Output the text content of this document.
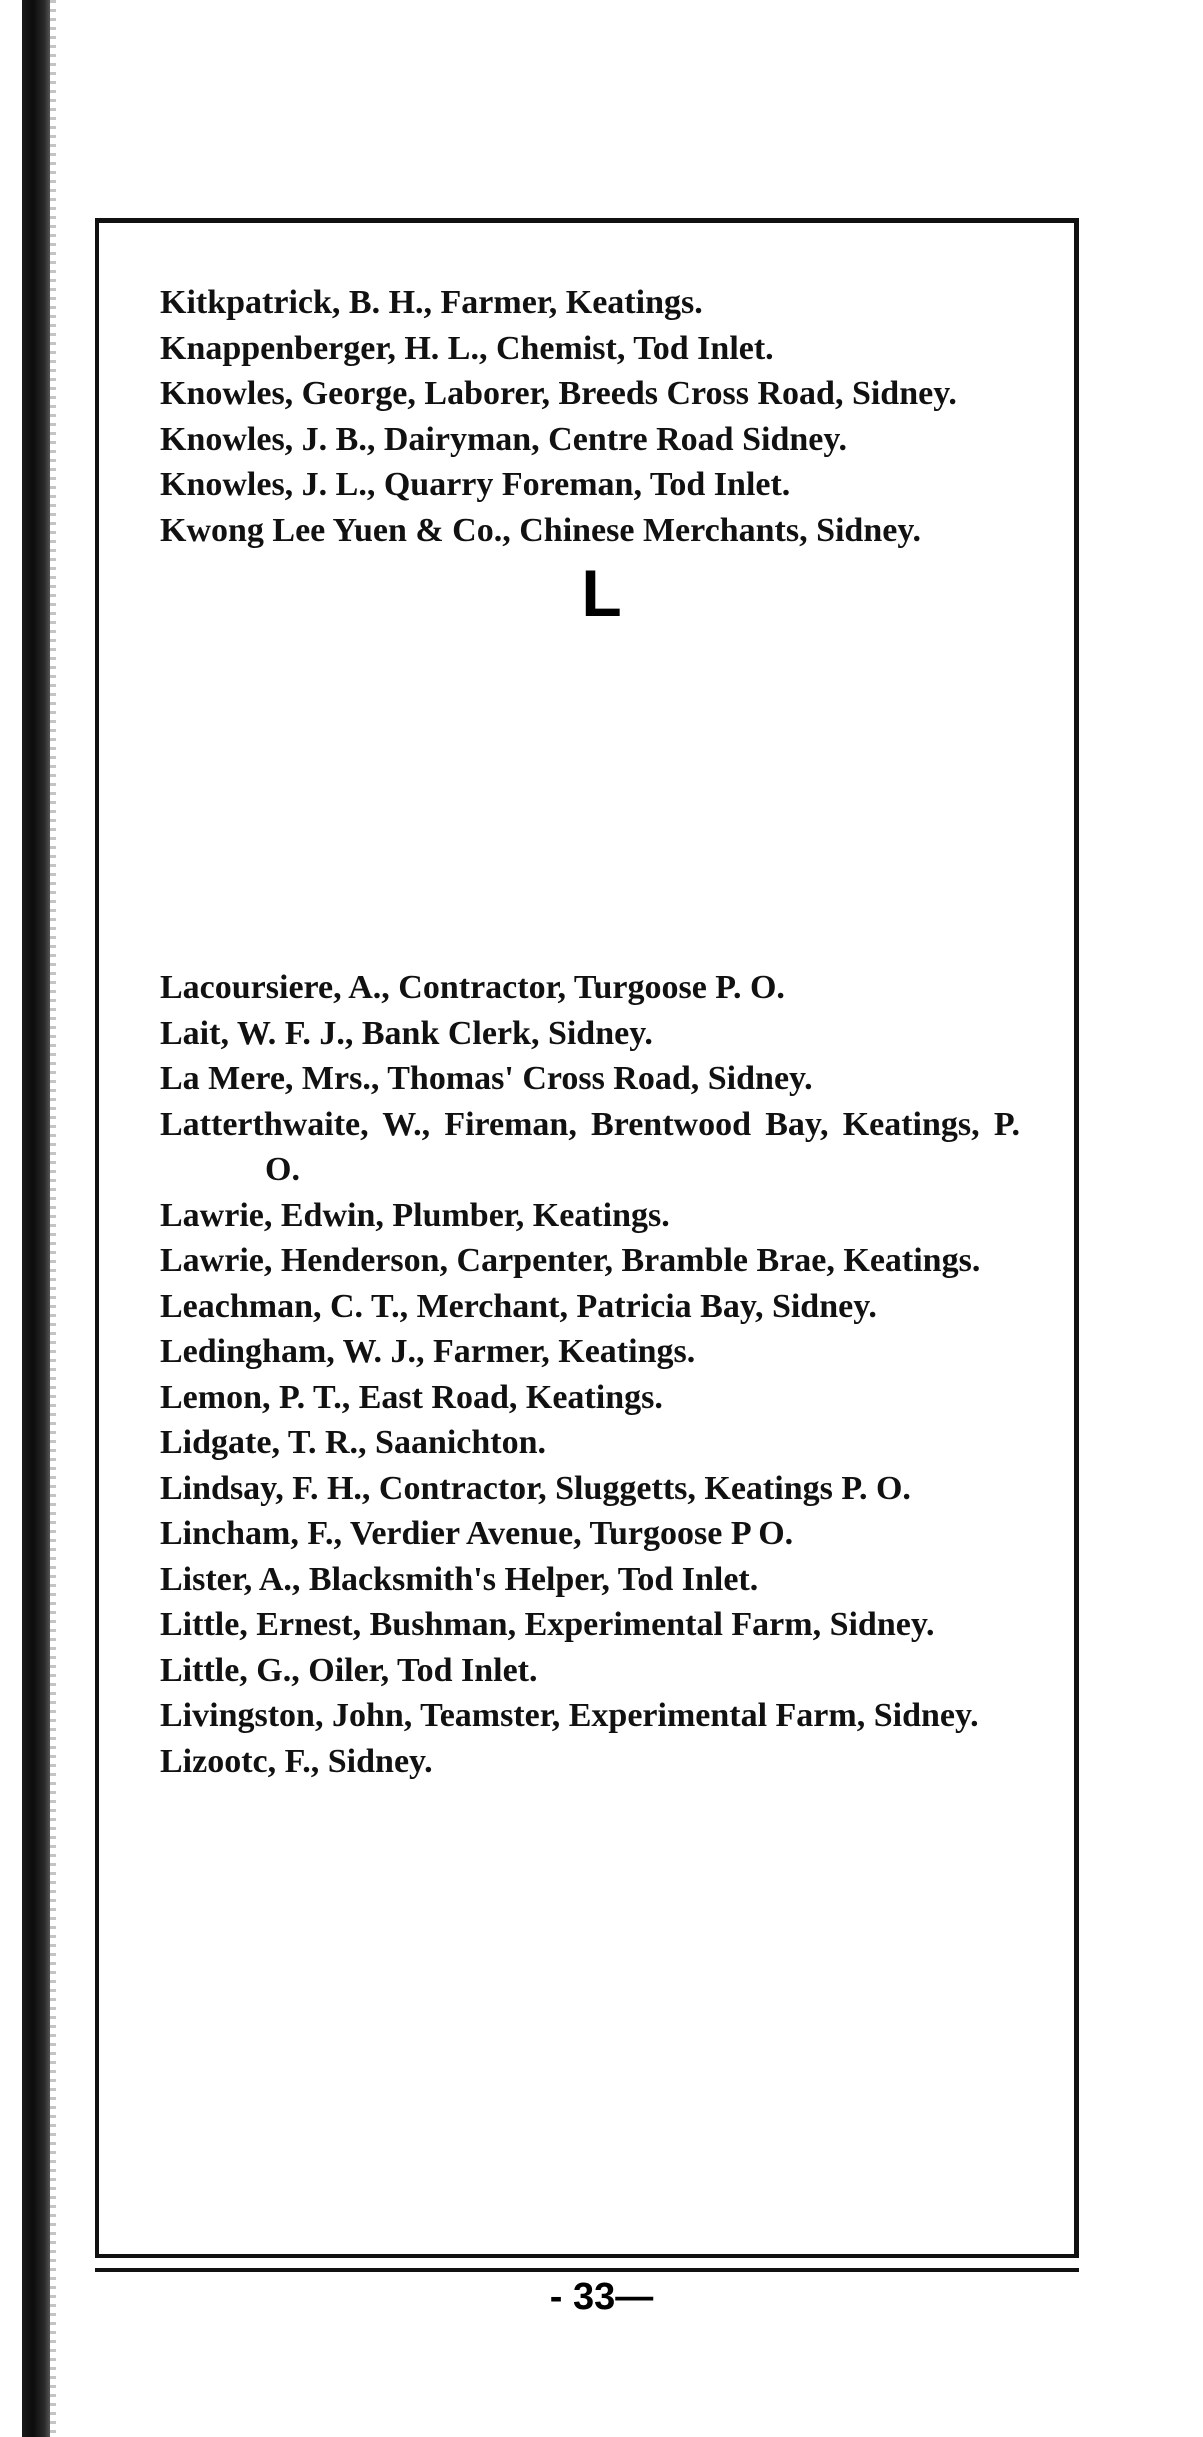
Kitkpatrick, B. H., Farmer, Keatings.

Knappenberger, H. L., Chemist, Tod Inlet.

Knowles, George, Laborer, Breeds Cross Road, Sidney.

Knowles, J. B., Dairyman, Centre Road Sidney.

Knowles, J. L., Quarry Foreman, Tod Inlet.

Kwong Lee Yuen & Co., Chinese Merchants, Sidney.

L

Lacoursiere, A., Contractor, Turgoose P. O.

Lait, W. F. J., Bank Clerk, Sidney.

La Mere, Mrs., Thomas' Cross Road, Sidney.

Latterthwaite, W., Fireman, Brentwood Bay, Keatings, P. O.

Lawrie, Edwin, Plumber, Keatings.

Lawrie, Henderson, Carpenter, Bramble Brae, Keatings.

Leachman, C. T., Merchant, Patricia Bay, Sidney.

Ledingham, W. J., Farmer, Keatings.

Lemon, P. T., East Road, Keatings.

Lidgate, T. R., Saanichton.

Lindsay, F. H., Contractor, Sluggetts, Keatings P. O.

Lincham, F., Verdier Avenue, Turgoose P O.

Lister, A., Blacksmith's Helper, Tod Inlet.

Little, Ernest, Bushman, Experimental Farm, Sidney.

Little, G., Oiler, Tod Inlet.

Livingston, John, Teamster, Experimental Farm, Sidney.

Lizootc, F., Sidney.

- 33—
